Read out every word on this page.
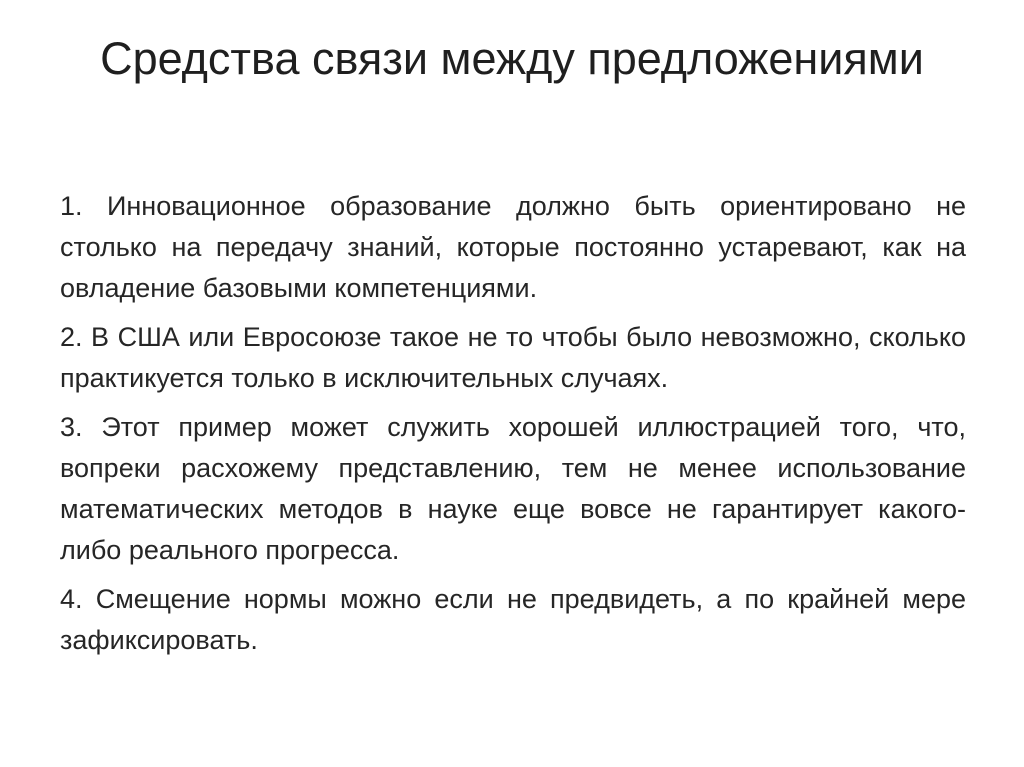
Средства связи между предложениями

1. Инновационное образование должно быть ориентировано не столько на передачу знаний, которые постоянно устаревают, как на овладение базовыми компетенциями.

2. В США или Евросоюзе такое не то чтобы было невозможно, сколько практикуется только в исключительных случаях.

3. Этот пример может служить хорошей иллюстрацией того, что, вопреки расхожему представлению, тем не менее использование математических методов в науке еще вовсе не гарантирует какого-либо реального прогресса.

4. Смещение нормы можно если не предвидеть, а по крайней мере зафиксировать.
